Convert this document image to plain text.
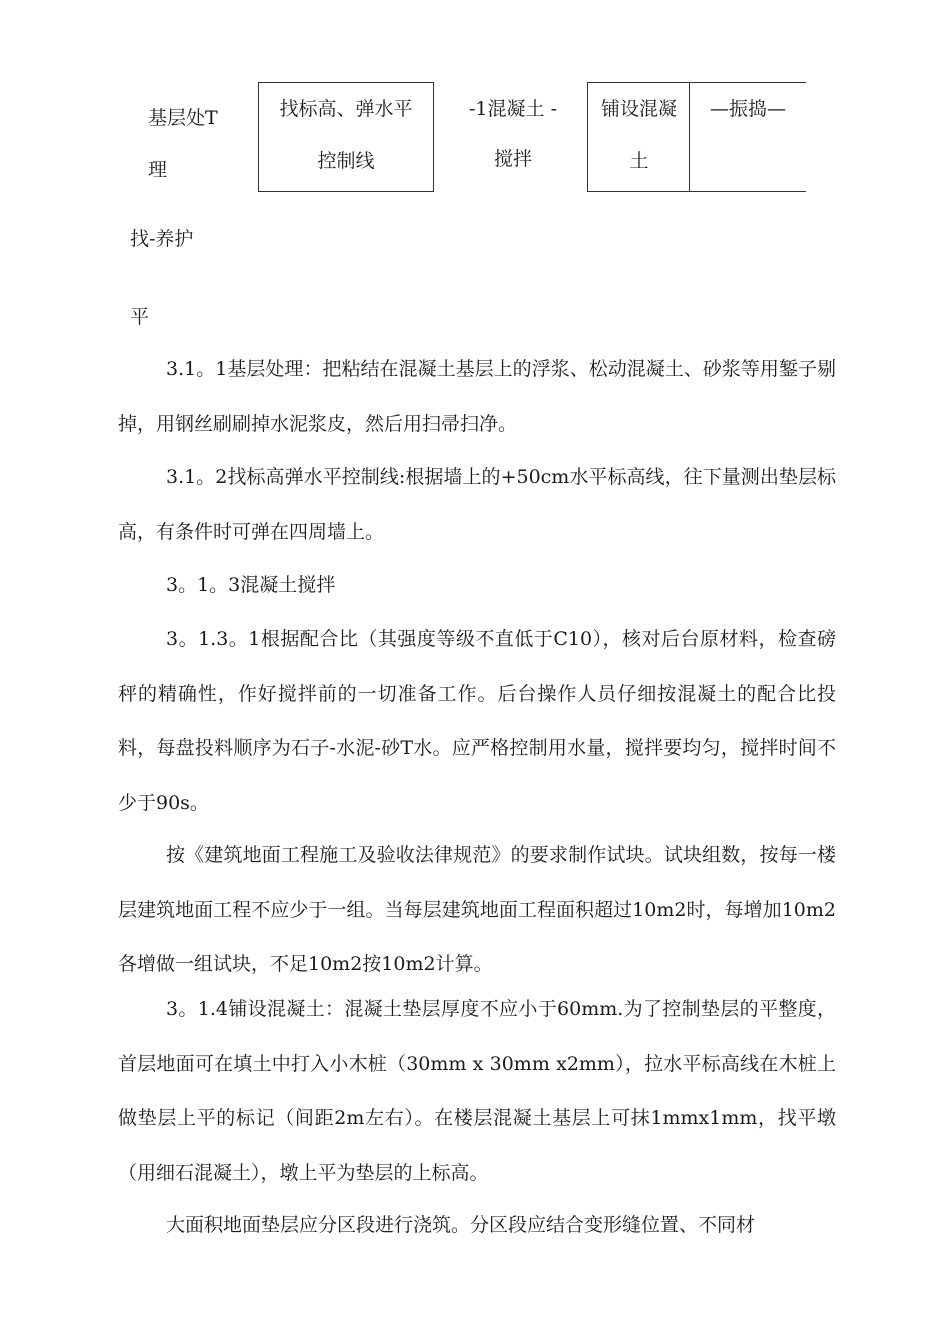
基层处T
理
找标高、弹水平
控制线
-1混凝土 -
搅拌
铺设混凝
土
—振捣—
找-养护
平

3.1。1基层处理：把粘结在混凝土基层上的浮浆、松动混凝土、砂浆等用錾子剔掉，用钢丝刷刷掉水泥浆皮，然后用扫帚扫净。

3.1。2找标高弹水平控制线:根据墙上的+50cm水平标高线，往下量测出垫层标高，有条件时可弹在四周墙上。

3。1。3混凝土搅拌

3。1.3。1根据配合比（其强度等级不直低于C10），核对后台原材料，检查磅秤的精确性，作好搅拌前的一切准备工作。后台操作人员仔细按混凝土的配合比投料，每盘投料顺序为石子-水泥-砂T水。应严格控制用水量，搅拌要均匀，搅拌时间不少于90s。

按《建筑地面工程施工及验收法律规范》的要求制作试块。试块组数，按每一楼层建筑地面工程不应少于一组。当每层建筑地面工程面积超过10m2时，每增加10m2各增做一组试块，不足10m2按10m2计算。

3。1.4铺设混凝土：混凝土垫层厚度不应小于60mm.为了控制垫层的平整度，首层地面可在填土中打入小木桩（30mm x 30mm x2mm），拉水平标高线在木桩上做垫层上平的标记（间距2m左右）。在楼层混凝土基层上可抹1mmx1mm，找平墩（用细石混凝土），墩上平为垫层的上标高。

大面积地面垫层应分区段进行浇筑。分区段应结合变形缝位置、不同材
